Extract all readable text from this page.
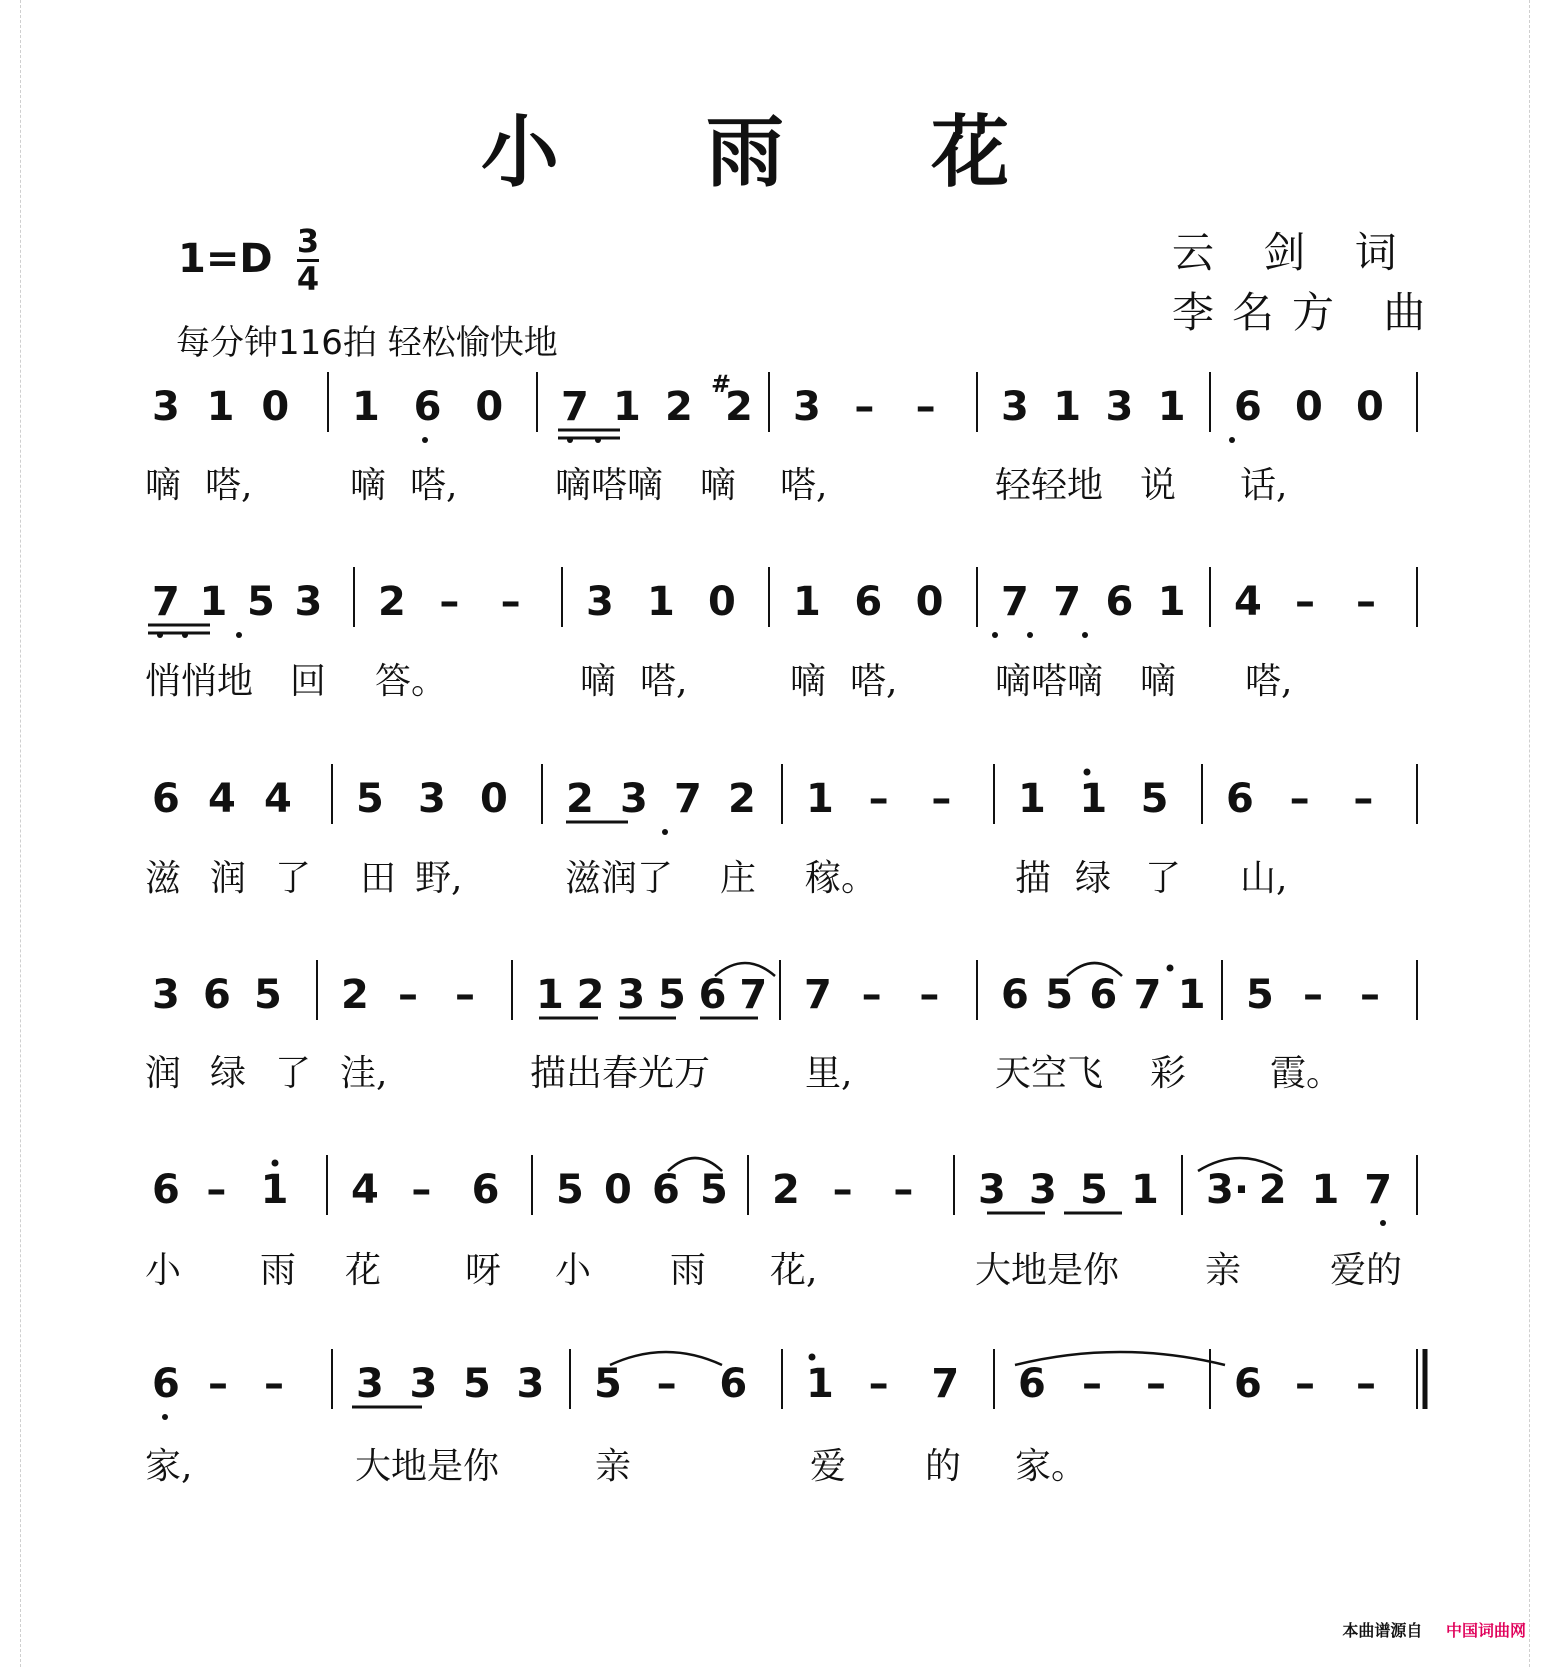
小 雨 花
1=D 3
4
每分钟116拍 轻松愉快地
云 剑 词
李名方 曲
3 1 0 1 6 0 7 1 2 #
2 3 – – 3 1 3 1 6 0 0
嘀 嗒,	嘀 嗒,	嘀嗒嘀 嘀 嗒,	轻轻地 说 话,
7 1 5 3 2 – – 3 1 0 1 6 0 7 7 6 1 4 – –
悄悄地 回 答。	嘀 嗒,	嘀 嗒,	嘀嗒嘀 嘀 嗒,
6 4 4 5 3 0 2 3 7 2 1 – – 1 1 5 6 – –
滋 润 了 田 野,	滋润了 庄 稼。	描 绿 了 山,
3 6 5 2 – – 1 2 3 5 6 7 7 – – 6 5 6 7 1 5 – –
润 绿 了 洼,	描出春光万	里,	天空飞 彩 霞。
6 – 1 4 – 6 5 0 6 5 2 – – 3 3 5 1 3· 2 1 7
小 雨 花 呀 小 雨 花,	大地是你 亲 爱的
6 – – 3 3 5 3 5 – 6 1 – 7 6 – – 6 – –
家,	大地是你	亲	爱 的 家。
本曲谱源自 中国词曲网
